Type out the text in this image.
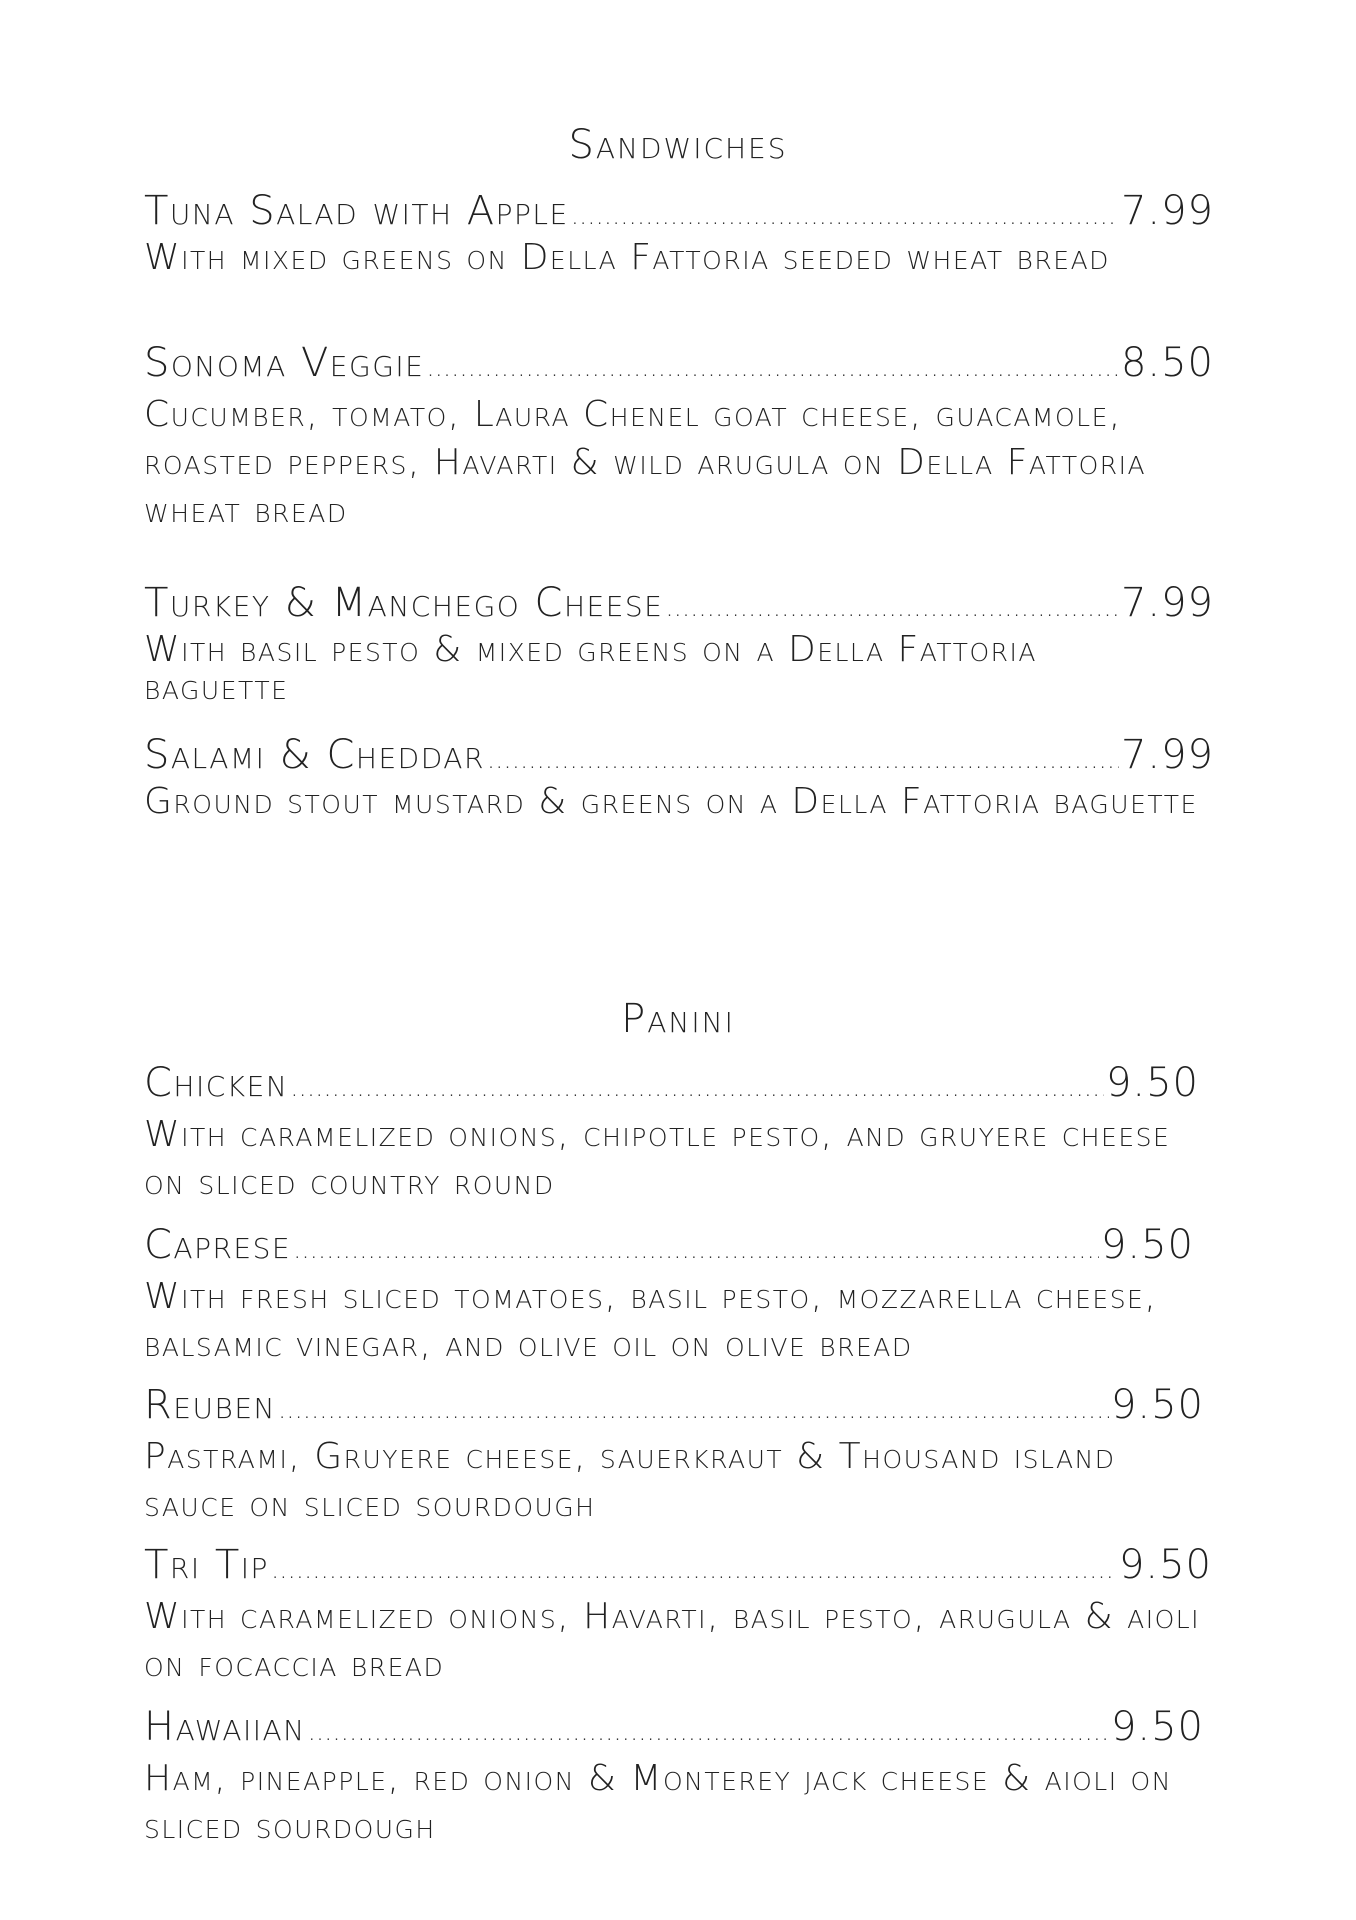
Sandwiches
Tuna Salad with Apple .....	7.99
With mixed greens on Della Fattoria seeded wheat bread
Sonoma Veggie .....	8.50
Cucumber, tomato, Laura Chenel goat cheese, guacamole, roasted peppers, Havarti & wild arugula on Della Fattoria wheat bread
Turkey & Manchego Cheese .....	7.99
With basil pesto & mixed greens on a Della Fattoria baguette
Salami & Cheddar .....	7.99
Ground stout mustard & greens on a Della Fattoria baguette
Panini
Chicken .....	9.50
With caramelized onions, chipotle pesto, and gruyere cheese on sliced country round
Caprese .....	9.50
With fresh sliced tomatoes, basil pesto, mozzarella cheese, balsamic vinegar, and olive oil on olive bread
Reuben .....	9.50
Pastrami, Gruyere cheese, sauerkraut & Thousand island sauce on sliced sourdough
Tri Tip .....	9.50
With caramelized onions, Havarti, basil pesto, arugula & aioli on focaccia bread
Hawaiian .....	9.50
Ham, pineapple, red onion & Monterey jack cheese & aioli on sliced sourdough
